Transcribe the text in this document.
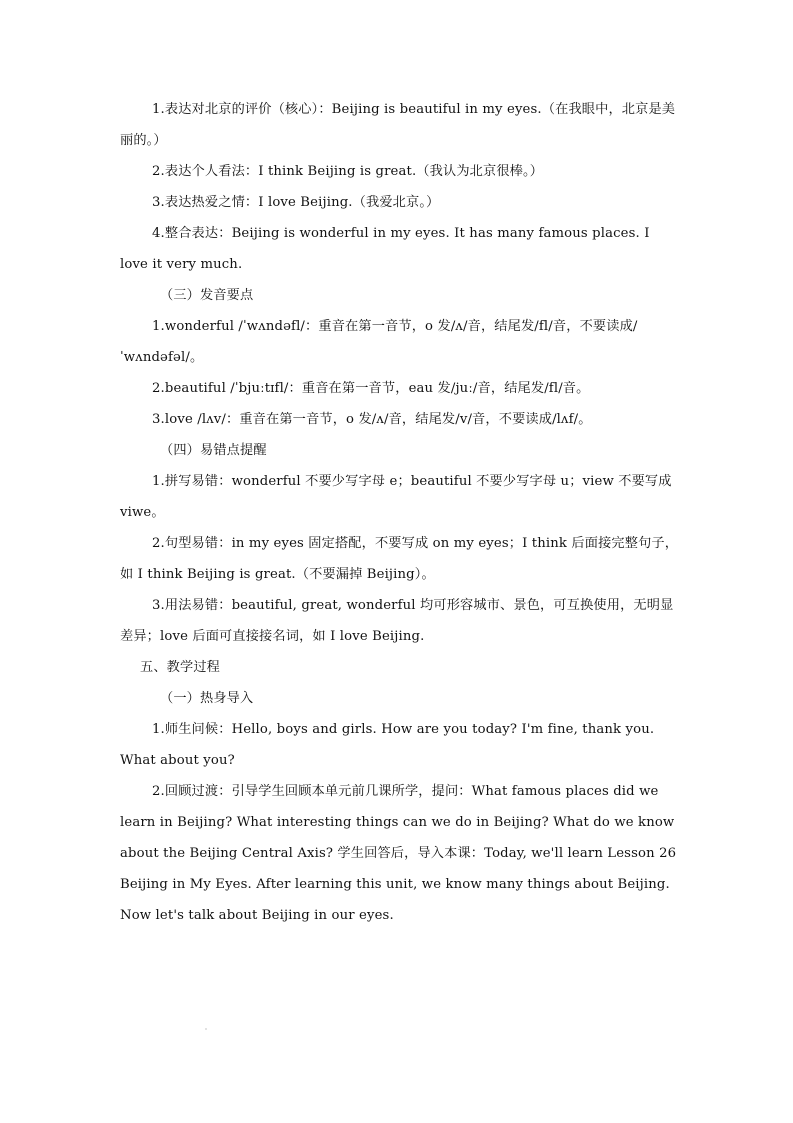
1.表达对北京的评价（核心）：Beijing is beautiful in my eyes.（在我眼中，北京是美丽的。）

2.表达个人看法：I think Beijing is great.（我认为北京很棒。）

3.表达热爱之情：I love Beijing.（我爱北京。）

4.整合表达：Beijing is wonderful in my eyes. It has many famous places. I love it very much.

（三）发音要点

1.wonderful /ˈwʌndəfl/：重音在第一音节，o 发/ʌ/音，结尾发/fl/音，不要读成/ˈwʌndəfəl/。

2.beautiful /ˈbjuːtɪfl/：重音在第一音节，eau 发/juː/音，结尾发/fl/音。

3.love /lʌv/：重音在第一音节，o 发/ʌ/音，结尾发/v/音，不要读成/lʌf/。

（四）易错点提醒

1.拼写易错：wonderful 不要少写字母 e；beautiful 不要少写字母 u；view 不要写成 viwe。

2.句型易错：in my eyes 固定搭配，不要写成 on my eyes；I think 后面接完整句子，如 I think Beijing is great.（不要漏掉 Beijing）。

3.用法易错：beautiful, great, wonderful 均可形容城市、景色，可互换使用，无明显差异；love 后面可直接接名词，如 I love Beijing.

五、教学过程

（一）热身导入

1.师生问候：Hello, boys and girls. How are you today? I'm fine, thank you. What about you?

2.回顾过渡：引导学生回顾本单元前几课所学，提问：What famous places did we learn in Beijing? What interesting things can we do in Beijing? What do we know about the Beijing Central Axis? 学生回答后，导入本课：Today, we'll learn Lesson 26 Beijing in My Eyes. After learning this unit, we know many things about Beijing. Now let's talk about Beijing in our eyes.
